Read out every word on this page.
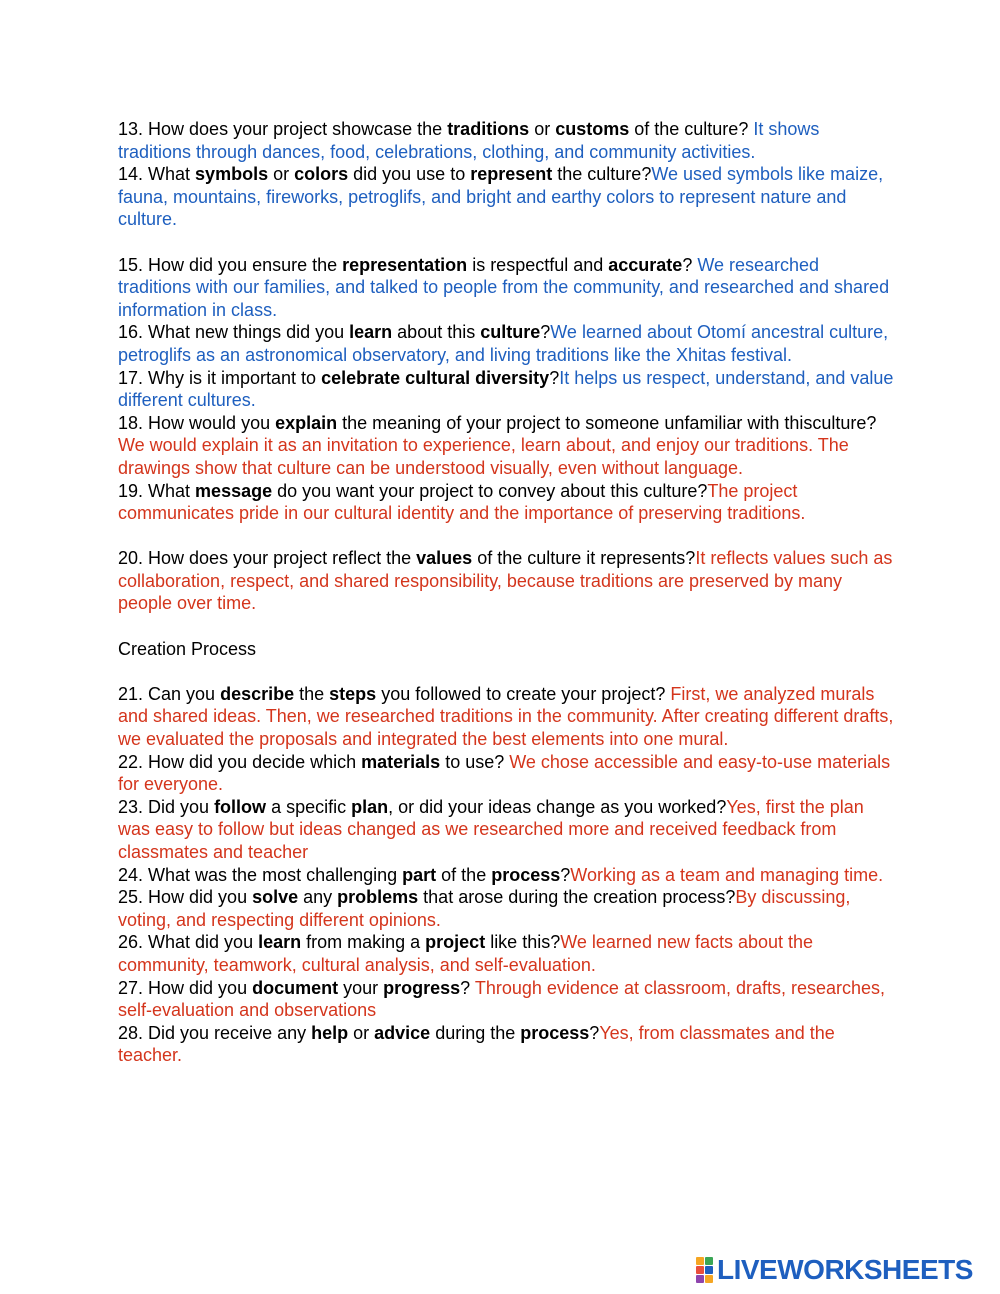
13. How does your project showcase the traditions or customs of the culture? It shows traditions through dances, food, celebrations, clothing, and community activities.

14. What symbols or colors did you use to represent the culture?We used symbols like maize, fauna, mountains, fireworks, petroglifs, and bright and earthy colors to represent nature and culture.

15. How did you ensure the representation is respectful and accurate? We researched traditions with our families, and talked to people from the community, and researched and shared information in class.

16. What new things did you learn about this culture?We learned about Otomí ancestral culture, petroglifs as an astronomical observatory, and living traditions like the Xhitas festival.

17. Why is it important to celebrate cultural diversity?It helps us respect, understand, and value different cultures.

18. How would you explain the meaning of your project to someone unfamiliar with thisculture?We would explain it as an invitation to experience, learn about, and enjoy our traditions. The drawings show that culture can be understood visually, even without language.

19. What message do you want your project to convey about this culture?The project communicates pride in our cultural identity and the importance of preserving traditions.

20. How does your project reflect the values of the culture it represents?It reflects values such as collaboration, respect, and shared responsibility, because traditions are preserved by many people over time.

Creation Process

21. Can you describe the steps you followed to create your project? First, we analyzed murals and shared ideas. Then, we researched traditions in the community. After creating different drafts, we evaluated the proposals and integrated the best elements into one mural.

22. How did you decide which materials to use? We chose accessible and easy-to-use materials for everyone.

23. Did you follow a specific plan, or did your ideas change as you worked?Yes, first the plan was easy to follow but ideas changed as we researched more and received feedback from classmates and teacher

24. What was the most challenging part of the process?Working as a team and managing time.

25. How did you solve any problems that arose during the creation process?By discussing, voting, and respecting different opinions.

26. What did you learn from making a project like this?We learned new facts about the community, teamwork, cultural analysis, and self-evaluation.

27. How did you document your progress? Through evidence at classroom, drafts, researches, self-evaluation and observations

28. Did you receive any help or advice during the process?Yes, from classmates and the teacher.

LIVEWORKSHEETS
